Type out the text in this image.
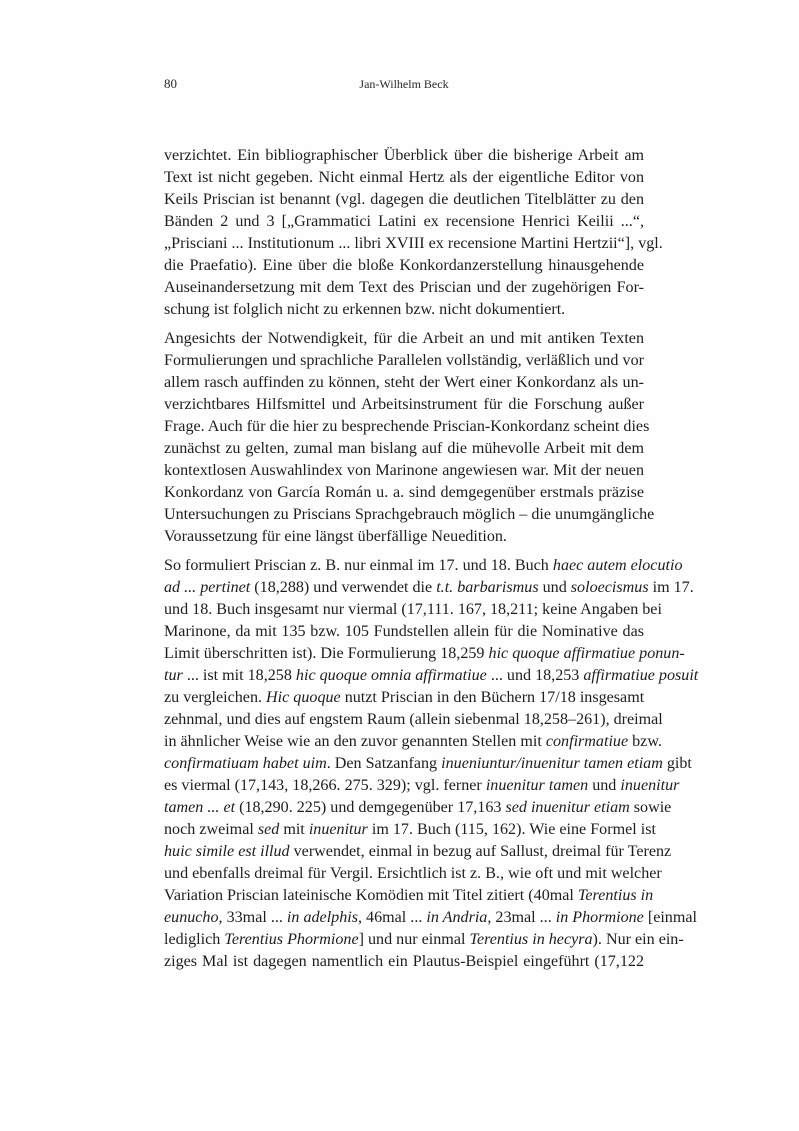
80	Jan-Wilhelm Beck

verzichtet. Ein bibliographischer Überblick über die bisherige Arbeit am
Text ist nicht gegeben. Nicht einmal Hertz als der eigentliche Editor von
Keils Priscian ist benannt (vgl. dagegen die deutlichen Titelblätter zu den
Bänden 2 und 3 [„Grammatici Latini ex recensione Henrici Keilii ...“,
„Prisciani ... Institutionum ... libri XVIII ex recensione Martini Hertzii“], vgl.
die Praefatio). Eine über die bloße Konkordanzerstellung hinausgehende
Auseinandersetzung mit dem Text des Priscian und der zugehörigen For-
schung ist folglich nicht zu erkennen bzw. nicht dokumentiert.

Angesichts der Notwendigkeit, für die Arbeit an und mit antiken Texten
Formulierungen und sprachliche Parallelen vollständig, verläßlich und vor
allem rasch auffinden zu können, steht der Wert einer Konkordanz als un-
verzichtbares Hilfsmittel und Arbeitsinstrument für die Forschung außer
Frage. Auch für die hier zu besprechende Priscian-Konkordanz scheint dies
zunächst zu gelten, zumal man bislang auf die mühevolle Arbeit mit dem
kontextlosen Auswahlindex von Marinone angewiesen war. Mit der neuen
Konkordanz von García Román u. a. sind demgegenüber erstmals präzise
Untersuchungen zu Priscians Sprachgebrauch möglich – die unumgängliche
Voraussetzung für eine längst überfällige Neuedition.

So formuliert Priscian z. B. nur einmal im 17. und 18. Buch haec autem elocutio
ad ... pertinet (18,288) und verwendet die t.t. barbarismus und soloecismus im 17.
und 18. Buch insgesamt nur viermal (17,111. 167, 18,211; keine Angaben bei
Marinone, da mit 135 bzw. 105 Fundstellen allein für die Nominative das
Limit überschritten ist). Die Formulierung 18,259 hic quoque affirmatiue ponun-
tur ... ist mit 18,258 hic quoque omnia affirmatiue ... und 18,253 affirmatiue posuit
zu vergleichen. Hic quoque nutzt Priscian in den Büchern 17/18 insgesamt
zehnmal, und dies auf engstem Raum (allein siebenmal 18,258–261), dreimal
in ähnlicher Weise wie an den zuvor genannten Stellen mit confirmatiue bzw.
confirmatiuam habet uim. Den Satzanfang inueniuntur/inuenitur tamen etiam gibt
es viermal (17,143, 18,266. 275. 329); vgl. ferner inuenitur tamen und inuenitur
tamen ... et (18,290. 225) und demgegenüber 17,163 sed inuenitur etiam sowie
noch zweimal sed mit inuenitur im 17. Buch (115, 162). Wie eine Formel ist
huic simile est illud verwendet, einmal in bezug auf Sallust, dreimal für Terenz
und ebenfalls dreimal für Vergil. Ersichtlich ist z. B., wie oft und mit welcher
Variation Priscian lateinische Komödien mit Titel zitiert (40mal Terentius in
eunucho, 33mal ... in adelphis, 46mal ... in Andria, 23mal ... in Phormione [einmal
lediglich Terentius Phormione] und nur einmal Terentius in hecyra). Nur ein ein-
ziges Mal ist dagegen namentlich ein Plautus-Beispiel eingeführt (17,122
